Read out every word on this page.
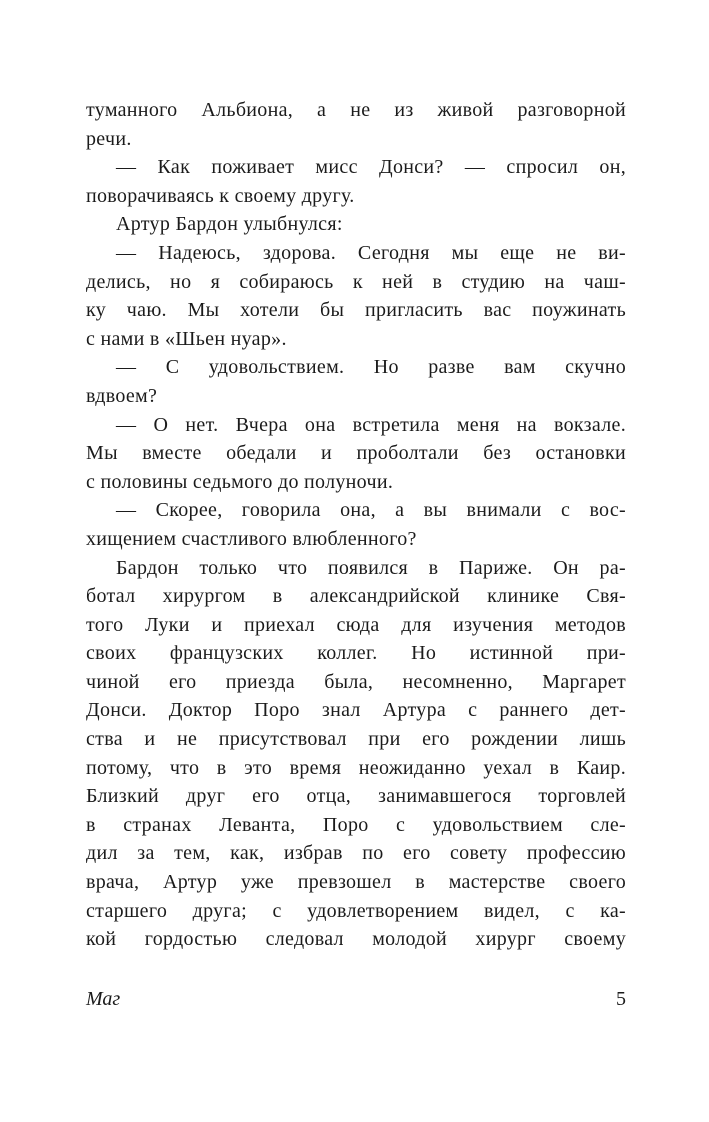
туманного Альбиона, а не из живой разговорной
речи.

— Как поживает мисс Донси? — спросил он,
поворачиваясь к своему другу.

Артур Бардон улыбнулся:

— Надеюсь, здорова. Сегодня мы еще не ви-
делись, но я собираюсь к ней в студию на чаш-
ку чаю. Мы хотели бы пригласить вас поужинать
с нами в «Шьен нуар».

— С удовольствием. Но разве вам скучно
вдвоем?

— О нет. Вчера она встретила меня на вокзале.
Мы вместе обедали и проболтали без остановки
с половины седьмого до полуночи.

— Скорее, говорила она, а вы внимали с вос-
хищением счастливого влюбленного?

Бардон только что появился в Париже. Он ра-
ботал хирургом в александрийской клинике Свя-
того Луки и приехал сюда для изучения методов
своих французских коллег. Но истинной при-
чиной его приезда была, несомненно, Маргарет
Донси. Доктор Поро знал Артура с раннего дет-
ства и не присутствовал при его рождении лишь
потому, что в это время неожиданно уехал в Каир.
Близкий друг его отца, занимавшегося торговлей
в странах Леванта, Поро с удовольствием сле-
дил за тем, как, избрав по его совету профессию
врача, Артур уже превзошел в мастерстве своего
старшего друга; с удовлетворением видел, с ка-
кой гордостью следовал молодой хирург своему

Маг	5
